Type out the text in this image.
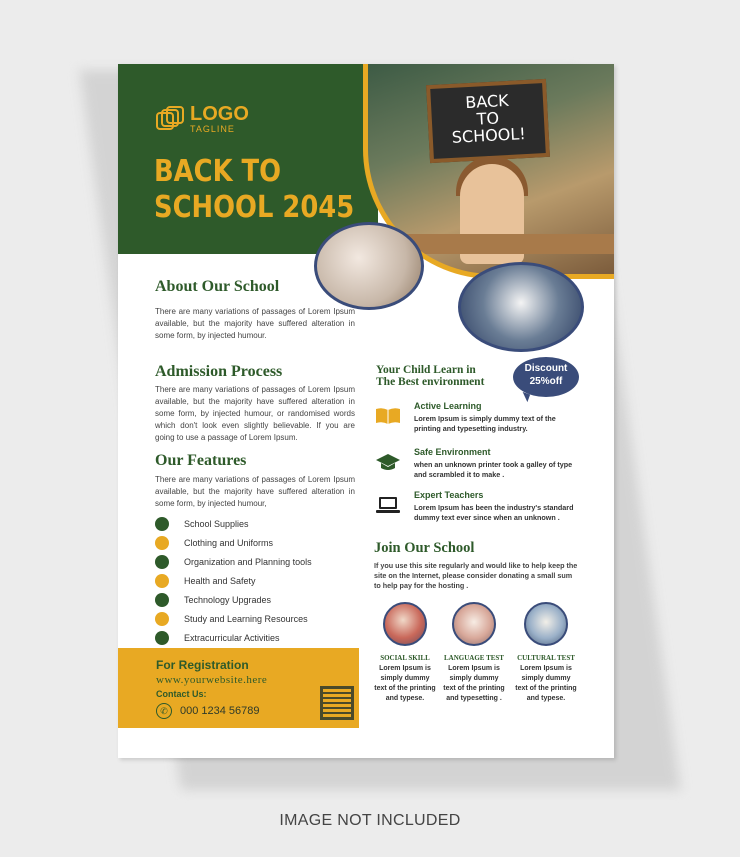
BACK
TO
SCHOOL!
LOGO
TAGLINE
BACK TO
SCHOOL 2045
About Our School
There are many variations of passages of Lorem Ipsum available, but the majority have suffered alteration in some form, by injected humour.
Admission Process
There are many variations of passages of Lorem Ipsum available, but the majority have suffered alteration in some form, by injected humour, or randomised words which don't look even slightly believable. If you are going to use a passage of Lorem Ipsum.
Our Features
There are many variations of passages of Lorem Ipsum available, but the majority have suffered alteration in some form, by injected humour,
School Supplies
Clothing and Uniforms
Organization and Planning tools
Health and Safety
Technology Upgrades
Study and Learning Resources
Extracurricular Activities
For Registration
www.yourwebsite.here
Contact Us:
✆	000 1234 56789
Your Child Learn in
The Best environment
Discount
25%off
Active Learning
Lorem Ipsum is simply dummy text of the printing and typesetting industry.
Safe Environment
when an unknown printer took a galley of type and scrambled it to make .
Expert Teachers
Lorem Ipsum has been the industry's standard dummy text ever since when an unknown .
Join Our School
If you use this site regularly and would like to help keep the site on the Internet, please consider donating a small sum to help pay for the hosting .
SOCIAL SKILL
Lorem Ipsum is simply dummy text of the printing and typese.
LANGUAGE TEST
Lorem Ipsum is simply dummy text of the printing and typesetting .
CULTURAL TEST
Lorem Ipsum is simply dummy text of the printing and typese.
IMAGE NOT INCLUDED
